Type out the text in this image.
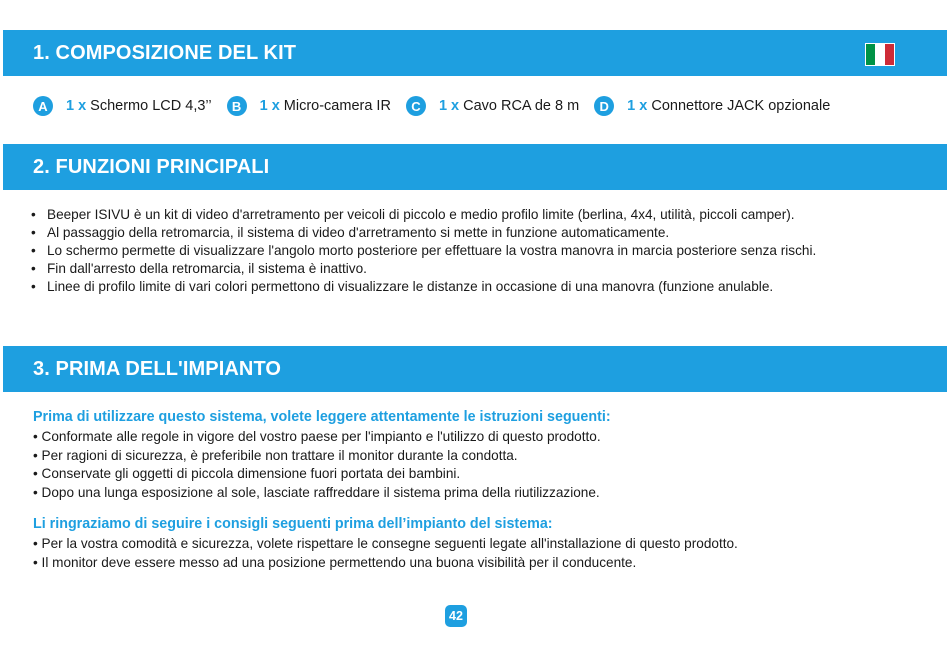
1. COMPOSIZIONE DEL KIT
A	1 x Schermo LCD 4,3’’	B	1 x Micro-camera IR	C	1 x Cavo RCA de 8 m	D	1 x Connettore JACK opzionale
2. FUNZIONI PRINCIPALI
• Beeper ISIVU è un kit di video d'arretramento per veicoli di piccolo e medio profilo limite (berlina, 4x4, utilità, piccoli camper).
• Al passaggio della retromarcia, il sistema di video d'arretramento si mette in funzione automaticamente.
• Lo schermo permette di visualizzare l'angolo morto posteriore per effettuare la vostra manovra in marcia posteriore senza rischi.
• Fin dall'arresto della retromarcia, il sistema è inattivo.
• Linee di profilo limite di vari colori permettono di visualizzare le distanze in occasione di una manovra (funzione anulable.
3. PRIMA DELL'IMPIANTO
Prima di utilizzare questo sistema, volete leggere attentamente le istruzioni seguenti:
• Conformate alle regole in vigore del vostro paese per l'impianto e l'utilizzo di questo prodotto.
• Per ragioni di sicurezza, è preferibile non trattare il monitor durante la condotta.
• Conservate gli oggetti di piccola dimensione fuori portata dei bambini.
• Dopo una lunga esposizione al sole, lasciate raffreddare il sistema prima della riutilizzazione.
Li ringraziamo di seguire i consigli seguenti prima dell’impianto del sistema:
• Per la vostra comodità e sicurezza, volete rispettare le consegne seguenti legate all'installazione di questo prodotto.
• Il monitor deve essere messo ad una posizione permettendo una buona visibilità per il conducente.
42
